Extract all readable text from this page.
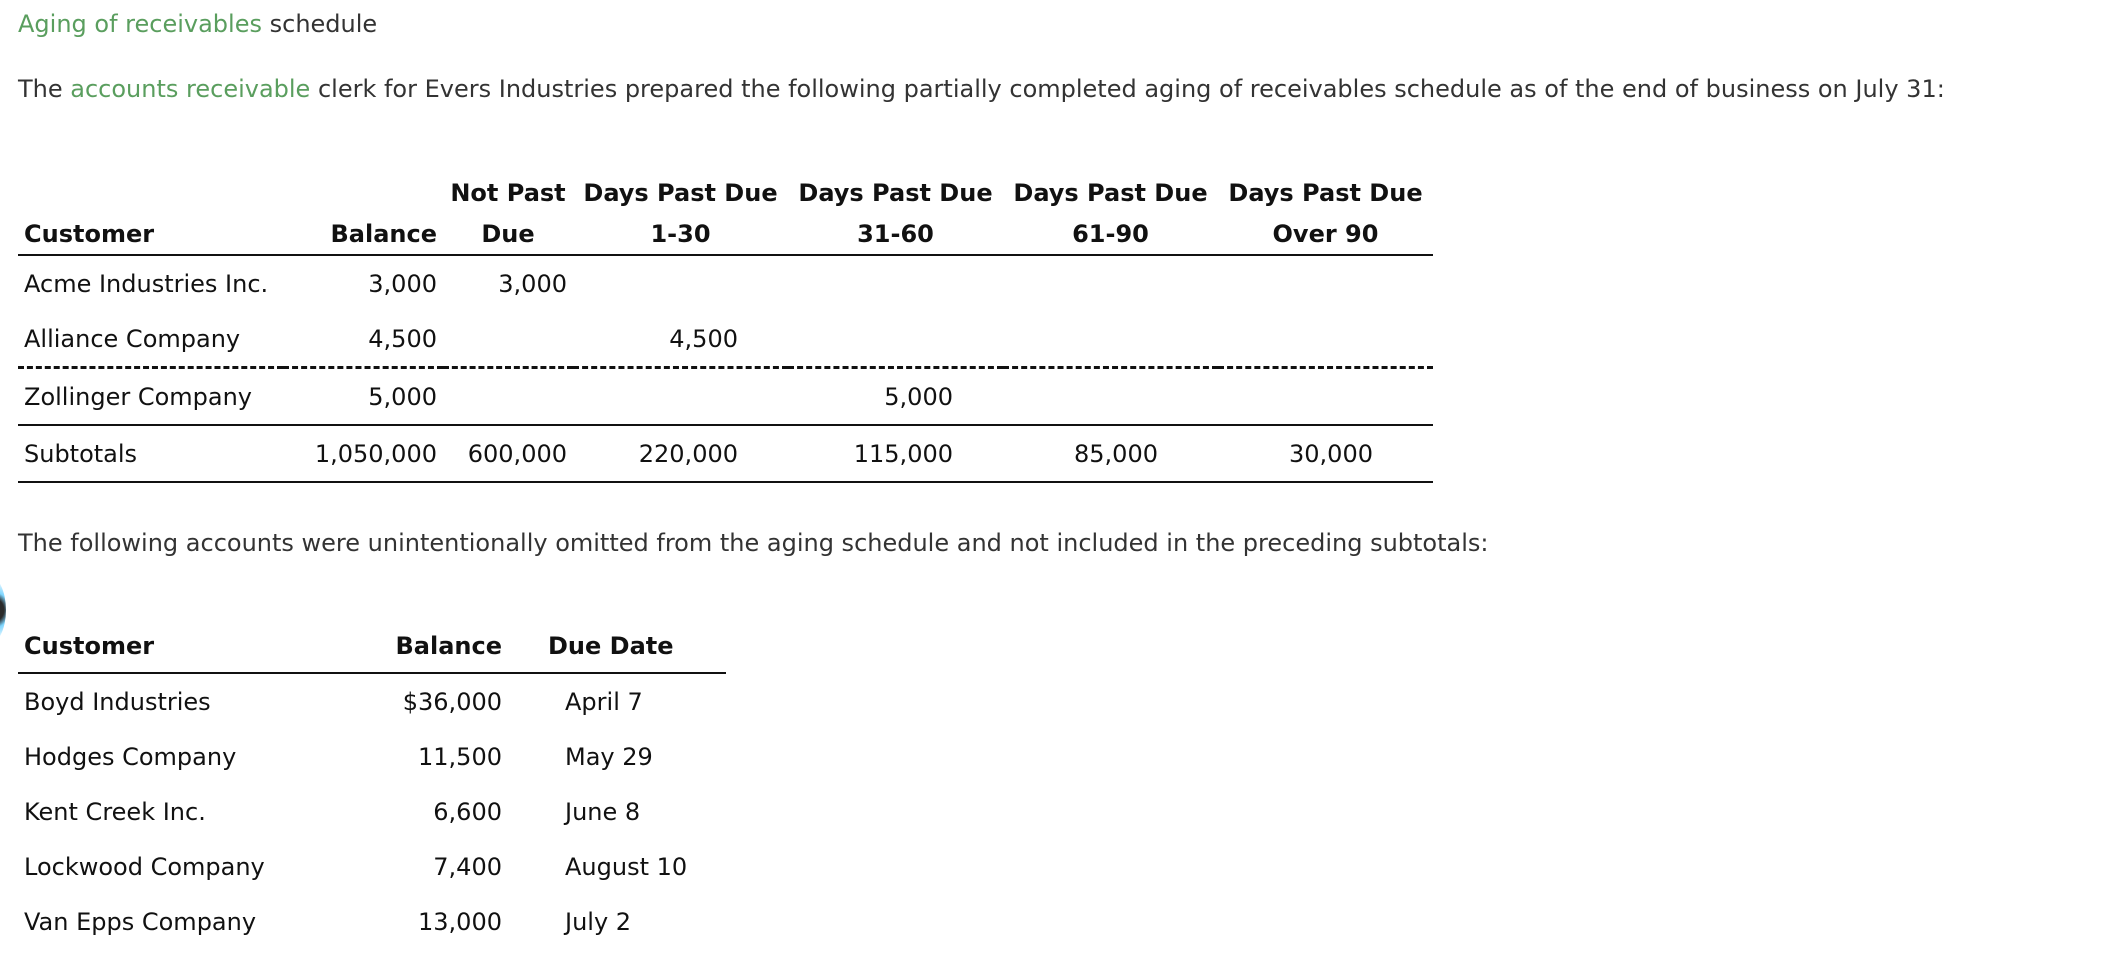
Aging of receivables schedule
The accounts receivable clerk for Evers Industries prepared the following partially completed aging of receivables schedule as of the end of business on July 31:
		Not Past	Days Past Due	Days Past Due	Days Past Due	Days Past Due
Customer	Balance	Due	1-30	31-60	61-90	Over 90
Acme Industries Inc.	3,000	3,000				
Alliance Company	4,500		4,500			
Zollinger Company	5,000			5,000		
Subtotals	1,050,000	600,000	220,000	115,000	85,000	30,000
The following accounts were unintentionally omitted from the aging schedule and not included in the preceding subtotals:
Customer	Balance	Due Date
Boyd Industries	$36,000	April 7
Hodges Company	11,500	May 29
Kent Creek Inc.	6,600	June 8
Lockwood Company	7,400	August 10
Van Epps Company	13,000	July 2
